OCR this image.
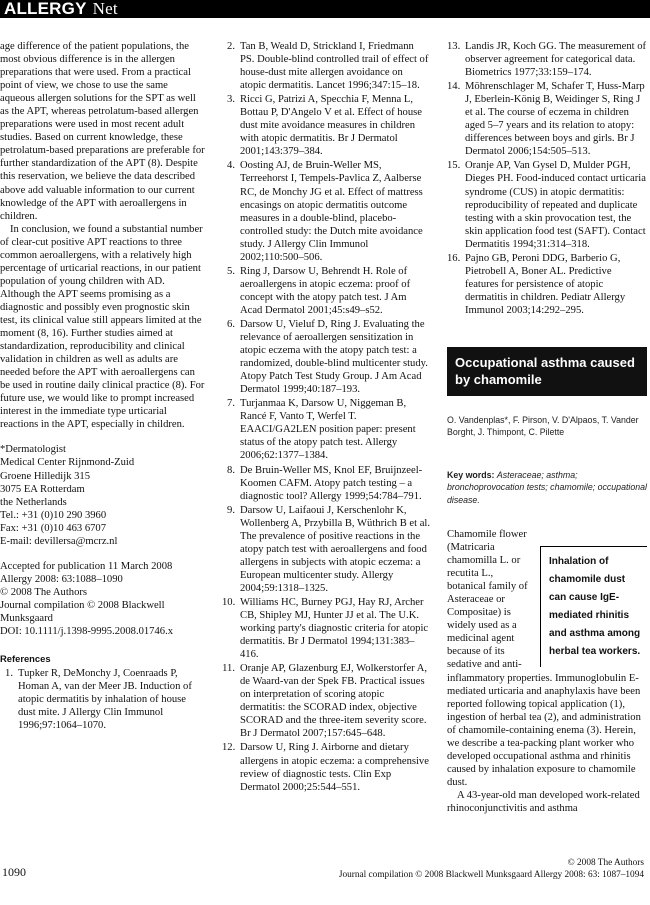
ALLERGY Net

age difference of the patient populations, the most obvious difference is in the allergen preparations that were used. From a practical point of view, we chose to use the same aqueous allergen solutions for the SPT as well as the APT, whereas petrolatum-based allergen preparations were used in most recent adult studies. Based on current knowledge, these petrolatum-based preparations are preferable for further standardization of the APT (8). Despite this reservation, we believe the data described above add valuable information to our current knowledge of the APT with aeroallergens in children.

In conclusion, we found a substantial number of clear-cut positive APT reactions to three common aeroallergens, with a relatively high percentage of urticarial reactions, in our patient population of young children with AD. Although the APT seems promising as a diagnostic and possibly even prognostic skin test, its clinical value still appears limited at the moment (8, 16). Further studies aimed at standardization, reproducibility and clinical validation in children as well as adults are needed before the APT with aeroallergens can be used in routine daily clinical practice (8). For future use, we would like to prompt increased interest in the immediate type urticarial reactions in the APT, especially in children.

*Dermatologist
Medical Center Rijnmond-Zuid
Groene Hilledijk 315
3075 EA Rotterdam
the Netherlands
Tel.: +31 (0)10 290 3960
Fax: +31 (0)10 463 6707
E-mail: devillersa@mcrz.nl
Accepted for publication 11 March 2008
Allergy 2008: 63:1088–1090
© 2008 The Authors
Journal compilation © 2008 Blackwell Munksgaard
DOI: 10.1111/j.1398-9995.2008.01746.x
References
1. Tupker R, DeMonchy J, Coenraads P, Homan A, van der Meer JB. Induction of atopic dermatitis by inhalation of house dust mite. J Allergy Clin Immunol 1996;97:1064–1070.
2. Tan B, Weald D, Strickland I, Friedmann PS. Double-blind controlled trail of effect of house-dust mite allergen avoidance on atopic dermatitis. Lancet 1996;347:15–18.
3. Ricci G, Patrizi A, Specchia F, Menna L, Bottau P, D'Angelo V et al. Effect of house dust mite avoidance measures in children with atopic dermatitis. Br J Dermatol 2001;143:379–384.
4. Oosting AJ, de Bruin-Weller MS, Terreehorst I, Tempels-Pavlica Z, Aalberse RC, de Monchy JG et al. Effect of mattress encasings on atopic dermatitis outcome measures in a double-blind, placebo-controlled study: the Dutch mite avoidance study. J Allergy Clin Immunol 2002;110:500–506.
5. Ring J, Darsow U, Behrendt H. Role of aeroallergens in atopic eczema: proof of concept with the atopy patch test. J Am Acad Dermatol 2001;45:s49–s52.
6. Darsow U, Vieluf D, Ring J. Evaluating the relevance of aeroallergen sensitization in atopic eczema with the atopy patch test: a randomized, double-blind multicenter study. Atopy Patch Test Study Group. J Am Acad Dermatol 1999;40:187–193.
7. Turjanmaa K, Darsow U, Niggeman B, Rancé F, Vanto T, Werfel T. EAACI/GA2LEN position paper: present status of the atopy patch test. Allergy 2006;62:1377–1384.
8. De Bruin-Weller MS, Knol EF, Bruijnzeel-Koomen CAFM. Atopy patch testing – a diagnostic tool? Allergy 1999;54:784–791.
9. Darsow U, Laifaoui J, Kerschenlohr K, Wollenberg A, Przybilla B, Wüthrich B et al. The prevalence of positive reactions in the atopy patch test with aeroallergens and food allergens in subjects with atopic eczema: a European multicenter study. Allergy 2004;59:1318–1325.
10. Williams HC, Burney PGJ, Hay RJ, Archer CB, Shipley MJ, Hunter JJ et al. The U.K. working party's diagnostic criteria for atopic dermatitis. Br J Dermatol 1994;131:383–416.
11. Oranje AP, Glazenburg EJ, Wolkerstorfer A, de Waard-van der Spek FB. Practical issues on interpretation of scoring atopic dermatitis: the SCORAD index, objective SCORAD and the three-item severity score. Br J Dermatol 2007;157:645–648.
12. Darsow U, Ring J. Airborne and dietary allergens in atopic eczema: a comprehensive review of diagnostic tests. Clin Exp Dermatol 2000;25:544–551.
13. Landis JR, Koch GG. The measurement of observer agreement for categorical data. Biometrics 1977;33:159–174.
14. Möhrenschlager M, Schafer T, Huss-Marp J, Eberlein-König B, Weidinger S, Ring J et al. The course of eczema in children aged 5–7 years and its relation to atopy: differences between boys and girls. Br J Dermatol 2006;154:505–513.
15. Oranje AP, Van Gysel D, Mulder PGH, Dieges PH. Food-induced contact urticaria syndrome (CUS) in atopic dermatitis: reproducibility of repeated and duplicate testing with a skin provocation test, the skin application food test (SAFT). Contact Dermatitis 1994;31:314–318.
16. Pajno GB, Peroni DDG, Barberio G, Pietrobell A, Boner AL. Predictive features for persistence of atopic dermatitis in children. Pediatr Allergy Immunol 2003;14:292–295.
Occupational asthma caused by chamomile
O. Vandenplas*, F. Pirson, V. D'Alpaos, T. Vander Borght, J. Thimpont, C. Pilette
Key words: Asteraceae; asthma; bronchoprovocation tests; chamomile; occupational disease.
Inhalation of chamomile dust can cause IgE-mediated rhinitis and asthma among herbal tea workers.

Chamomile flower (Matricaria chamomilla L. or recutita L., botanical family of Asteraceae or Compositae) is widely used as a medicinal agent because of its sedative and anti-inflammatory properties. Immunoglobulin E-mediated urticaria and anaphylaxis have been reported following topical application (1), ingestion of herbal tea (2), and administration of chamomile-containing enema (3). Herein, we describe a tea-packing plant worker who developed occupational asthma and rhinitis caused by inhalation exposure to chamomile dust.

A 43-year-old man developed work-related rhinoconjunctivitis and asthma

1090
© 2008 The Authors
Journal compilation © 2008 Blackwell Munksgaard Allergy 2008: 63: 1087–1094
